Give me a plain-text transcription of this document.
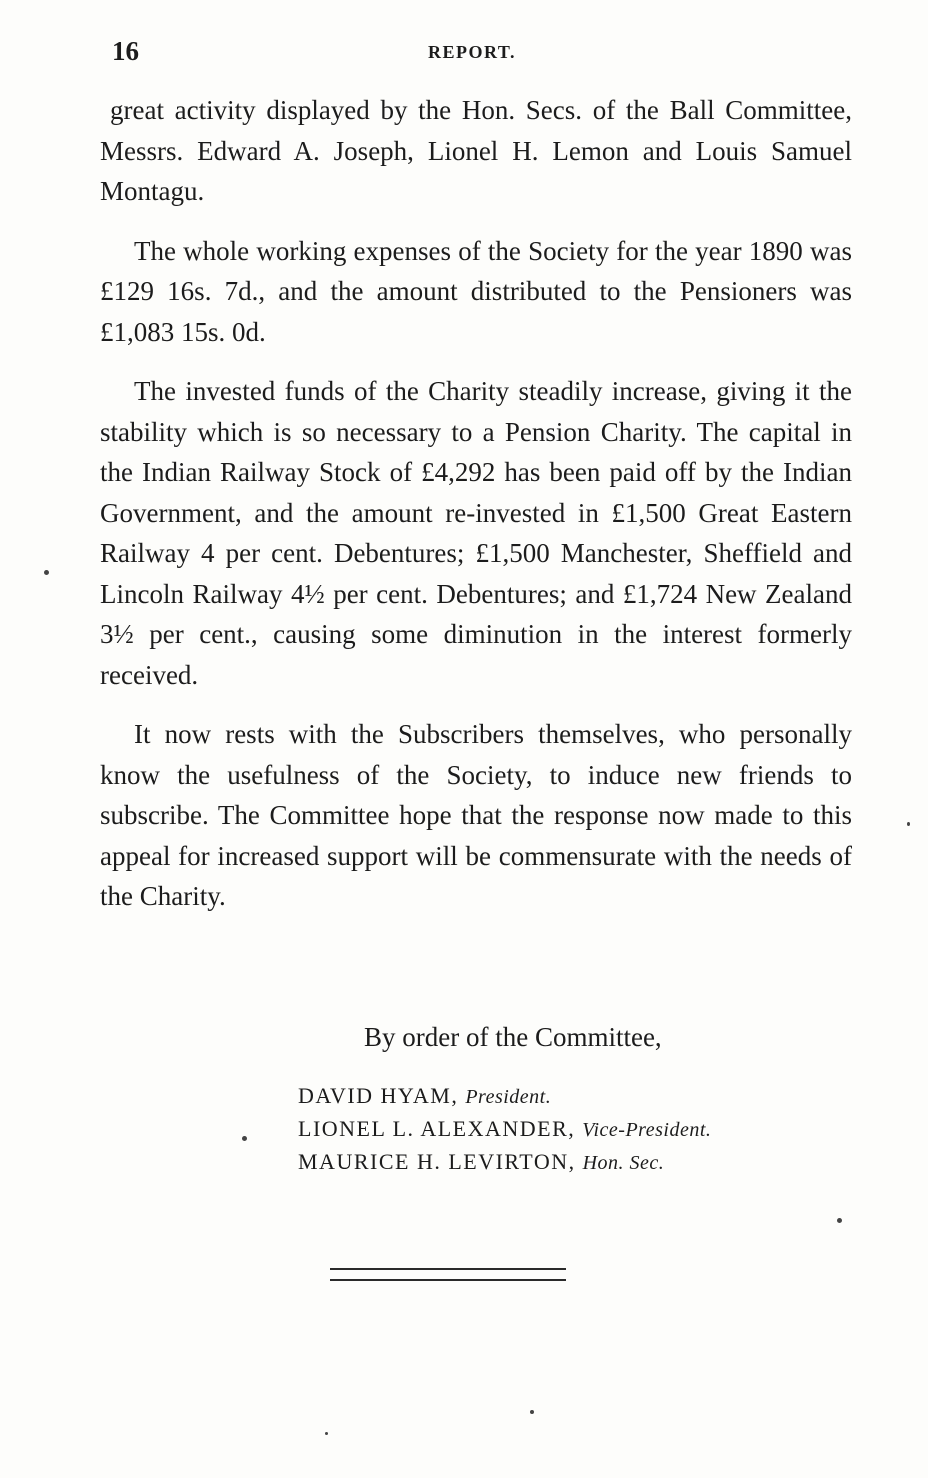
16	REPORT.

great activity displayed by the Hon. Secs. of the Ball Committee, Messrs. Edward A. Joseph, Lionel H. Lemon and Louis Samuel Montagu.

The whole working expenses of the Society for the year 1890 was £129 16s. 7d., and the amount distributed to the Pensioners was £1,083 15s. 0d.

The invested funds of the Charity steadily increase, giving it the stability which is so necessary to a Pension Charity. The capital in the Indian Railway Stock of £4,292 has been paid off by the Indian Government, and the amount re-invested in £1,500 Great Eastern Railway 4 per cent. Debentures; £1,500 Manchester, Sheffield and Lincoln Railway 4½ per cent. Debentures; and £1,724 New Zealand 3½ per cent., causing some diminution in the interest formerly received.

It now rests with the Subscribers themselves, who personally know the usefulness of the Society, to induce new friends to subscribe. The Committee hope that the response now made to this appeal for increased support will be commensurate with the needs of the Charity.

By order of the Committee,
DAVID HYAM, President.
LIONEL L. ALEXANDER, Vice-President.
MAURICE H. LEVIRTON, Hon. Sec.
